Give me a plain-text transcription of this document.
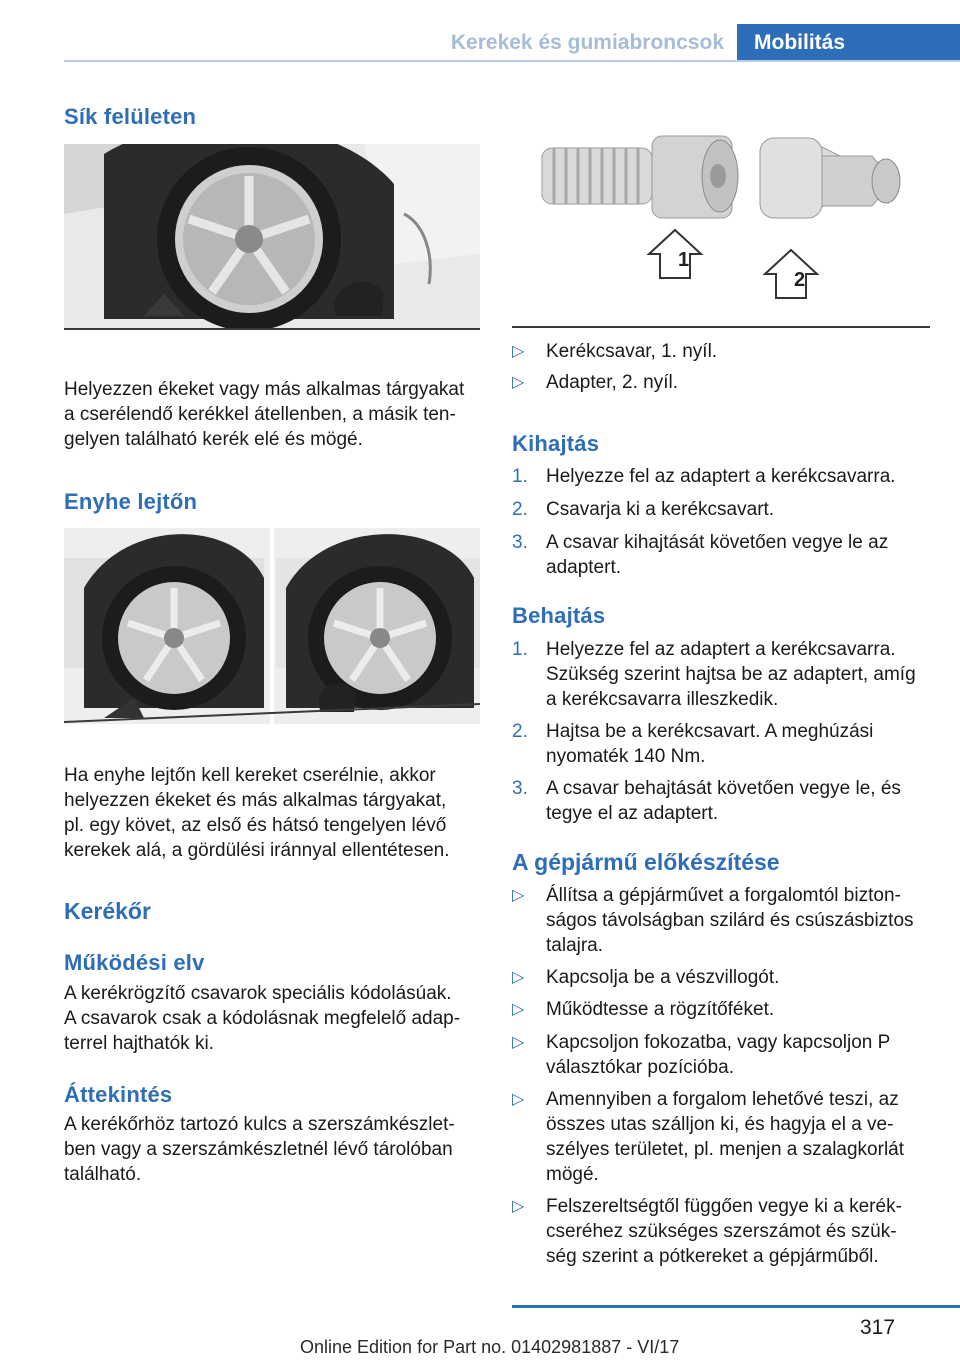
Kerekek és gumiabroncsok Mobilitás
Sík felületen
Helyezzen ékeket vagy más alkalmas tárgyakat
a cserélendő kerékkel átellenben, a másik ten-
gelyen található kerék elé és mögé.
Enyhe lejtőn
Ha enyhe lejtőn kell kereket cserélnie, akkor
helyezzen ékeket és más alkalmas tárgyakat,
pl. egy követ, az első és hátsó tengelyen lévő
kerekek alá, a gördülési iránnyal ellentétesen.
Kerékőr
Működési elv
A kerékrögzítő csavarok speciális kódolásúak.
A csavarok csak a kódolásnak megfelelő adap-
terrel hajthatók ki.
Áttekintés
A kerékőrhöz tartozó kulcs a szerszámkészlet-
ben vagy a szerszámkészletnél lévő tárolóban
található.
1
2
▷ Kerékcsavar, 1. nyíl.
▷ Adapter, 2. nyíl.
Kihajtás
1. Helyezze fel az adaptert a kerékcsavarra.
2. Csavarja ki a kerékcsavart.
3. A csavar kihajtását követően vegye le az
adaptert.
Behajtás
1. Helyezze fel az adaptert a kerékcsavarra.
Szükség szerint hajtsa be az adaptert, amíg
a kerékcsavarra illeszkedik.
2. Hajtsa be a kerékcsavart. A meghúzási
nyomaték 140 Nm.
3. A csavar behajtását követően vegye le, és
tegye el az adaptert.
A gépjármű előkészítése
▷ Állítsa a gépjárművet a forgalomtól bizton-
ságos távolságban szilárd és csúszásbiztos
talajra.
▷ Kapcsolja be a vészvillogót.
▷ Működtesse a rögzítőféket.
▷ Kapcsoljon fokozatba, vagy kapcsoljon P
választókar pozícióba.
▷ Amennyiben a forgalom lehetővé teszi, az
összes utas szálljon ki, és hagyja el a ve-
szélyes területet, pl. menjen a szalagkorlát
mögé.
▷ Felszereltségtől függően vegye ki a kerék-
cseréhez szükséges szerszámot és szük-
ség szerint a pótkereket a gépjárműből.
317
Online Edition for Part no. 01402981887 - VI/17
